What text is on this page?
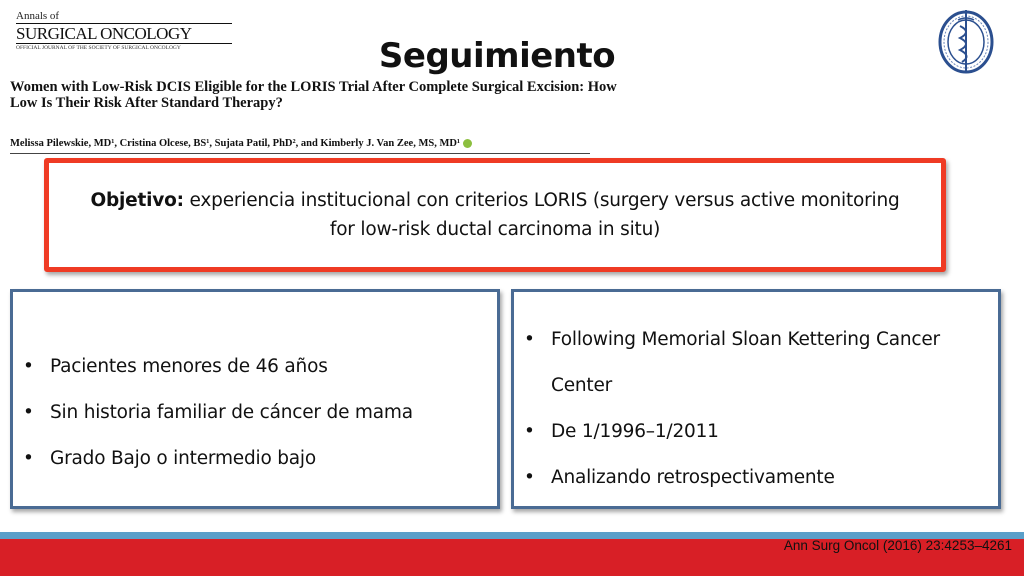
Annals of
SURGICAL ONCOLOGY
OFFICIAL JOURNAL OF THE SOCIETY OF SURGICAL ONCOLOGY	Seguimiento
Women with Low-Risk DCIS Eligible for the LORIS Trial After Complete Surgical Excision: How Low Is Their Risk After Standard Therapy?
Melissa Pilewskie, MD¹, Cristina Olcese, BS¹, Sujata Patil, PhD², and Kimberly J. Van Zee, MS, MD¹
Objetivo: experiencia institucional con criterios LORIS (surgery versus active monitoring for low-risk ductal carcinoma in situ)
• Pacientes menores de 46 años
• Sin historia familiar de cáncer de mama
• Grado Bajo o intermedio bajo
• Following Memorial Sloan Kettering Cancer Center
• De 1/1996–1/2011
• Analizando retrospectivamente
Ann Surg Oncol (2016) 23:4253–4261
